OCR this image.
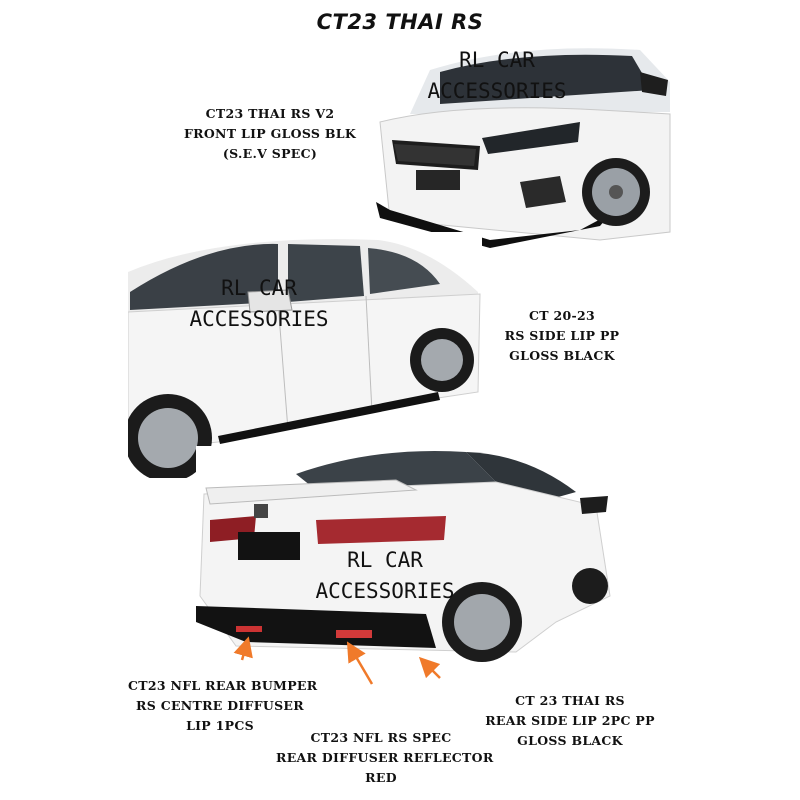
CT23 THAI RS
RL CAR
ACCESSORIES
RL CAR
ACCESSORIES
RL CAR
ACCESSORIES
CT23 THAI RS V2
FRONT LIP GLOSS BLK
(S.E.V SPEC)
CT 20-23
RS SIDE LIP PP
GLOSS BLACK
CT23 NFL REAR BUMPER
RS CENTRE DIFFUSER
LIP 1PCS
CT23 NFL RS SPEC
REAR DIFFUSER REFLECTOR
RED
CT 23 THAI RS
REAR SIDE LIP 2PC PP
GLOSS BLACK
